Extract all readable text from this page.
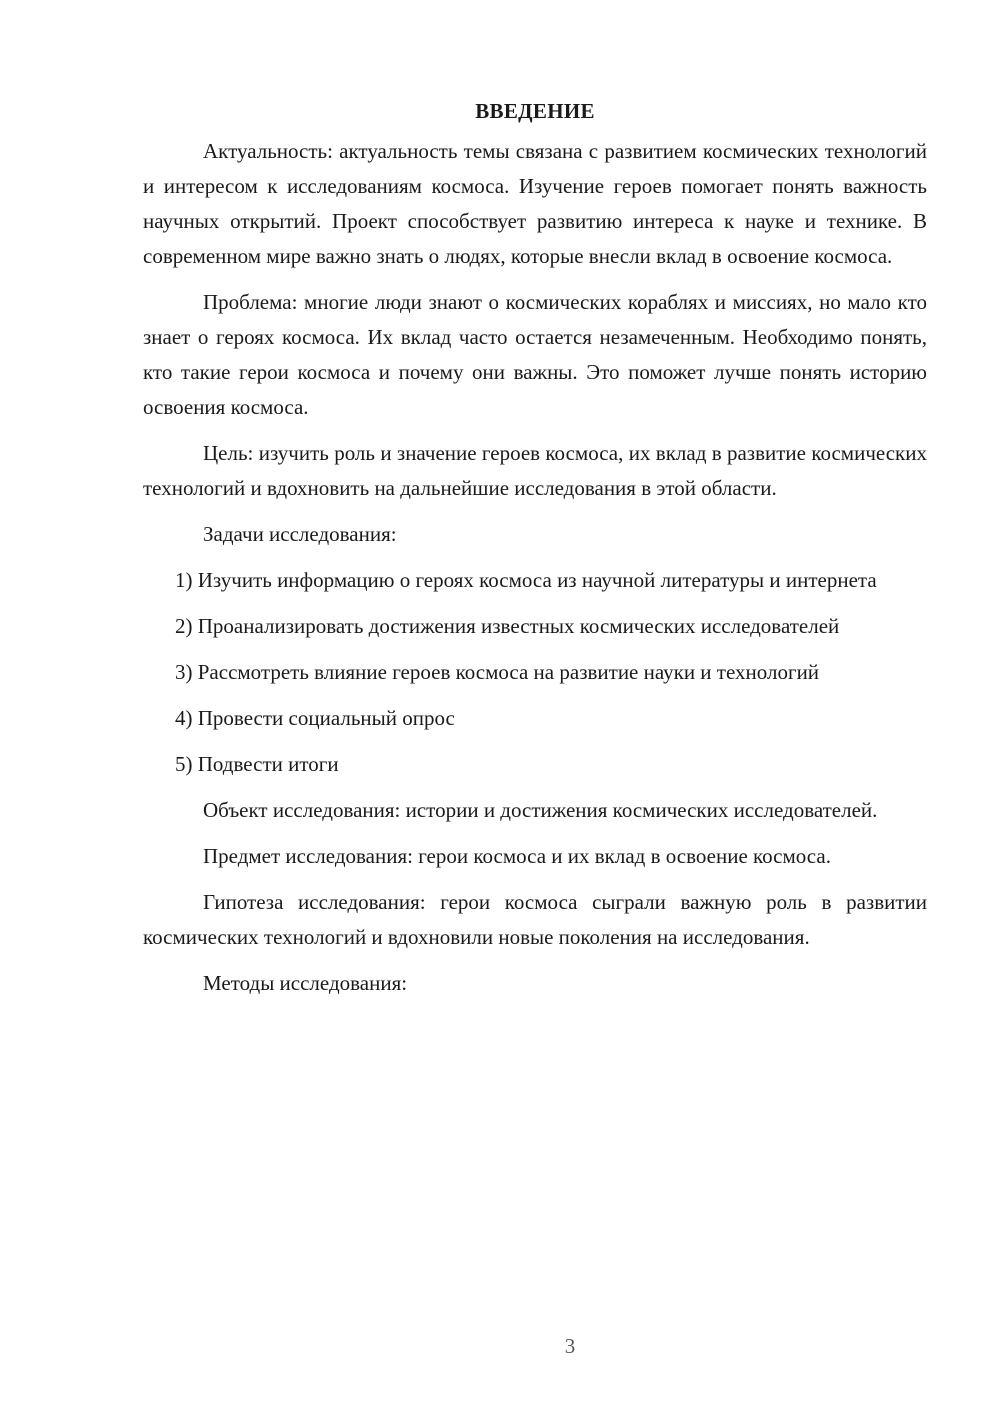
ВВЕДЕНИЕ

Актуальность: актуальность темы связана с развитием космических технологий и интересом к исследованиям космоса. Изучение героев помогает понять важность научных открытий. Проект способствует развитию интереса к науке и технике. В современном мире важно знать о людях, которые внесли вклад в освоение космоса.

Проблема: многие люди знают о космических кораблях и миссиях, но мало кто знает о героях космоса. Их вклад часто остается незамеченным. Необходимо понять, кто такие герои космоса и почему они важны. Это поможет лучше понять историю освоения космоса.

Цель: изучить роль и значение героев космоса, их вклад в развитие космических технологий и вдохновить на дальнейшие исследования в этой области.

Задачи исследования:

1) Изучить информацию о героях космоса из научной литературы и интернета

2) Проанализировать достижения известных космических исследователей

3) Рассмотреть влияние героев космоса на развитие науки и технологий

4) Провести социальный опрос

5) Подвести итоги

Объект исследования: истории и достижения космических исследователей.

Предмет исследования: герои космоса и их вклад в освоение космоса.

Гипотеза исследования: герои космоса сыграли важную роль в развитии космических технологий и вдохновили новые поколения на исследования.

Методы исследования:

3
